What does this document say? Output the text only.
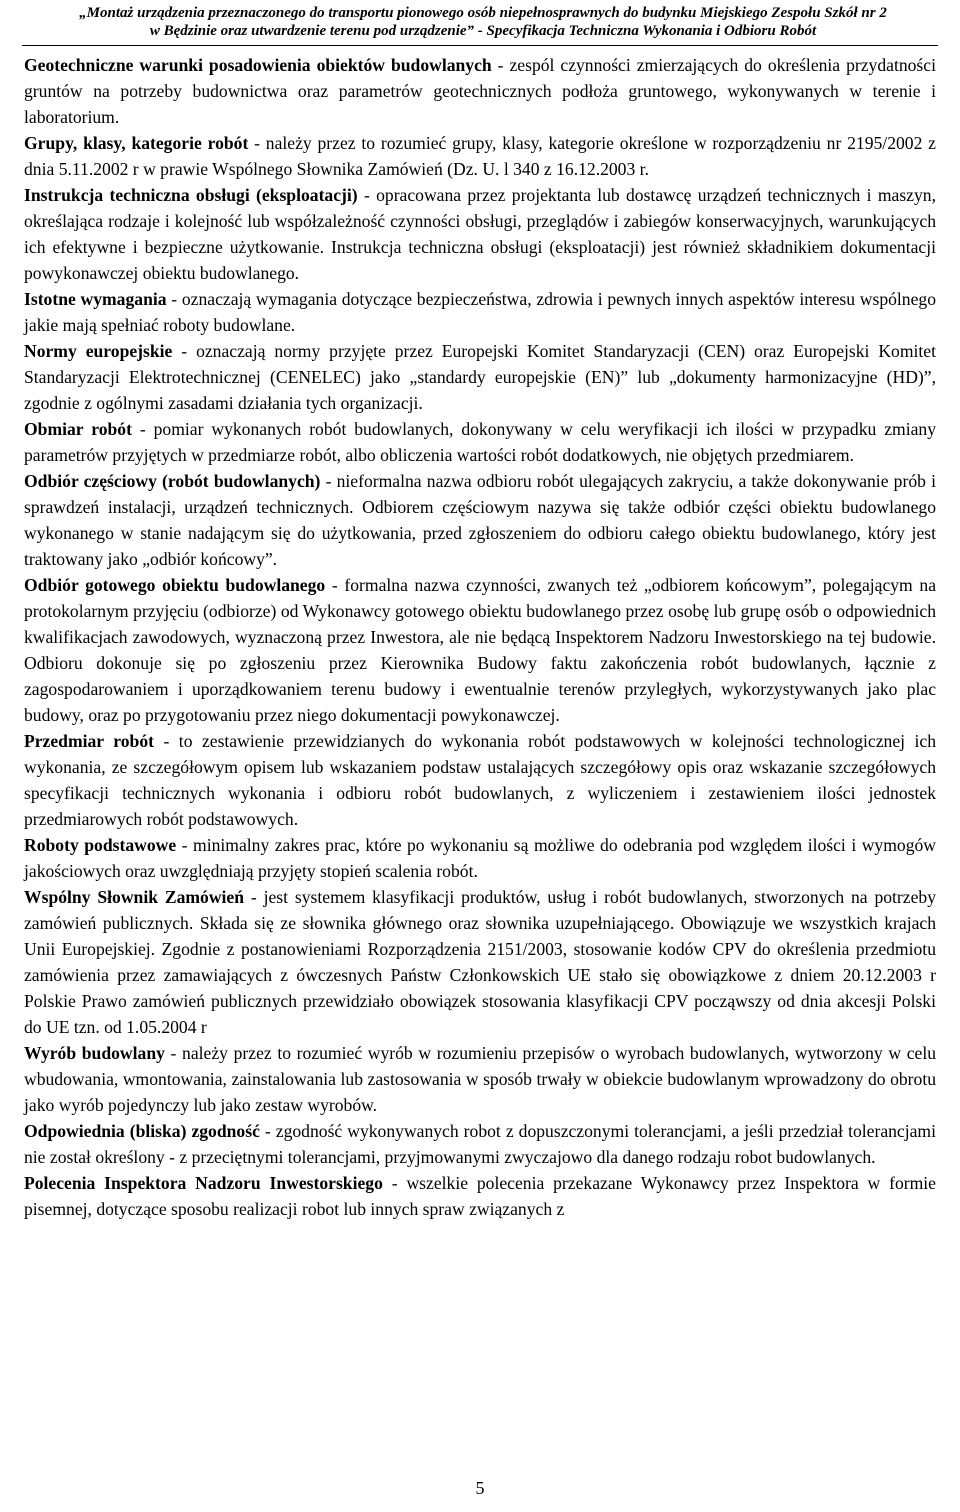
„Montaż urządzenia przeznaczonego do transportu pionowego osób niepełnosprawnych do budynku Miejskiego Zespołu Szkół nr 2
w Będzinie oraz utwardzenie terenu pod urządzenie” - Specyfikacja Techniczna Wykonania i Odbioru Robót

Geotechniczne warunki posadowienia obiektów budowlanych - zespól czynności zmierzających do określenia przydatności gruntów na potrzeby budownictwa oraz parametrów geotechnicznych podłoża gruntowego, wykonywanych w terenie i laboratorium.

Grupy, klasy, kategorie robót - należy przez to rozumieć grupy, klasy, kategorie określone w rozporządzeniu nr 2195/2002 z dnia 5.11.2002 r w prawie Wspólnego Słownika Zamówień (Dz. U. l 340 z 16.12.2003 r.

Instrukcja techniczna obsługi (eksploatacji) - opracowana przez projektanta lub dostawcę urządzeń technicznych i maszyn, określająca rodzaje i kolejność lub współzależność czynności obsługi, przeglądów i zabiegów konserwacyjnych, warunkujących ich efektywne i bezpieczne użytkowanie. Instrukcja techniczna obsługi (eksploatacji) jest również składnikiem dokumentacji powykonawczej obiektu budowlanego.

Istotne wymagania - oznaczają wymagania dotyczące bezpieczeństwa, zdrowia i pewnych innych aspektów interesu wspólnego jakie mają spełniać roboty budowlane.

Normy europejskie - oznaczają normy przyjęte przez Europejski Komitet Standaryzacji (CEN) oraz Europejski Komitet Standaryzacji Elektrotechnicznej (CENELEC) jako „standardy europejskie (EN)” lub „dokumenty harmonizacyjne (HD)”, zgodnie z ogólnymi zasadami działania tych organizacji.

Obmiar robót - pomiar wykonanych robót budowlanych, dokonywany w celu weryfikacji ich ilości w przypadku zmiany parametrów przyjętych w przedmiarze robót, albo obliczenia wartości robót dodatkowych, nie objętych przedmiarem.

Odbiór częściowy (robót budowlanych) - nieformalna nazwa odbioru robót ulegających zakryciu, a także dokonywanie prób i sprawdzeń instalacji, urządzeń technicznych. Odbiorem częściowym nazywa się także odbiór części obiektu budowlanego wykonanego w stanie nadającym się do użytkowania, przed zgłoszeniem do odbioru całego obiektu budowlanego, który jest traktowany jako „odbiór końcowy”.

Odbiór gotowego obiektu budowlanego - formalna nazwa czynności, zwanych też „odbiorem końcowym”, polegającym na protokolarnym przyjęciu (odbiorze) od Wykonawcy gotowego obiektu budowlanego przez osobę lub grupę osób o odpowiednich kwalifikacjach zawodowych, wyznaczoną przez Inwestora, ale nie będącą Inspektorem Nadzoru Inwestorskiego na tej budowie. Odbioru dokonuje się po zgłoszeniu przez Kierownika Budowy faktu zakończenia robót budowlanych, łącznie z zagospodarowaniem i uporządkowaniem terenu budowy i ewentualnie terenów przyległych, wykorzystywanych jako plac budowy, oraz po przygotowaniu przez niego dokumentacji powykonawczej.

Przedmiar robót - to zestawienie przewidzianych do wykonania robót podstawowych w kolejności technologicznej ich wykonania, ze szczegółowym opisem lub wskazaniem podstaw ustalających szczegółowy opis oraz wskazanie szczegółowych specyfikacji technicznych wykonania i odbioru robót budowlanych, z wyliczeniem i zestawieniem ilości jednostek przedmiarowych robót podstawowych.

Roboty podstawowe - minimalny zakres prac, które po wykonaniu są możliwe do odebrania pod względem ilości i wymogów jakościowych oraz uwzględniają przyjęty stopień scalenia robót.

Wspólny Słownik Zamówień - jest systemem klasyfikacji produktów, usług i robót budowlanych, stworzonych na potrzeby zamówień publicznych. Składa się ze słownika głównego oraz słownika uzupełniającego. Obowiązuje we wszystkich krajach Unii Europejskiej. Zgodnie z postanowieniami Rozporządzenia 2151/2003, stosowanie kodów CPV do określenia przedmiotu zamówienia przez zamawiających z ówczesnych Państw Członkowskich UE stało się obowiązkowe z dniem 20.12.2003 r Polskie Prawo zamówień publicznych przewidziało obowiązek stosowania klasyfikacji CPV począwszy od dnia akcesji Polski do UE tzn. od 1.05.2004 r

Wyrób budowlany - należy przez to rozumieć wyrób w rozumieniu przepisów o wyrobach budowlanych, wytworzony w celu wbudowania, wmontowania, zainstalowania lub zastosowania w sposób trwały w obiekcie budowlanym wprowadzony do obrotu jako wyrób pojedynczy lub jako zestaw wyrobów.

Odpowiednia (bliska) zgodność - zgodność wykonywanych robot z dopuszczonymi tolerancjami, a jeśli przedział tolerancjami nie został określony - z przeciętnymi tolerancjami, przyjmowanymi zwyczajowo dla danego rodzaju robot budowlanych.

Polecenia Inspektora Nadzoru Inwestorskiego - wszelkie polecenia przekazane Wykonawcy przez Inspektora w formie pisemnej, dotyczące sposobu realizacji robot lub innych spraw związanych z

5
